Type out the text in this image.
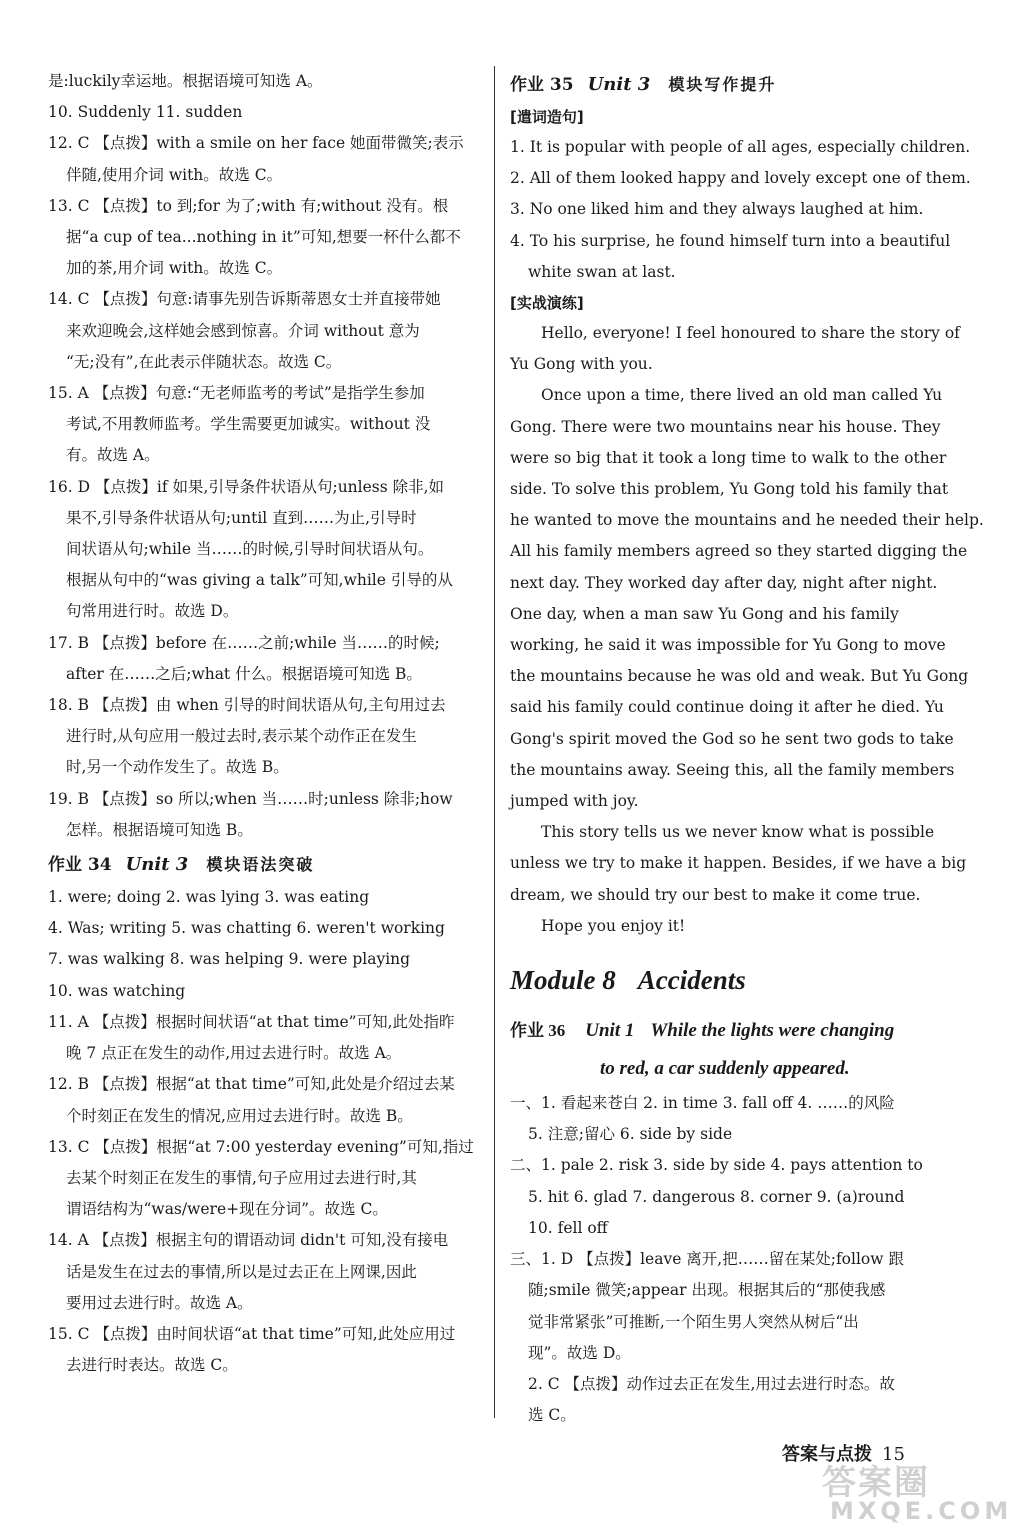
是:luckily幸运地。根据语境可知选 A。
10. Suddenly 11. sudden
12. C 【点拨】with a smile on her face 她面带微笑;表示
伴随,使用介词 with。故选 C。
13. C 【点拨】to 到;for 为了;with 有;without 没有。根
据“a cup of tea...nothing in it”可知,想要一杯什么都不
加的茶,用介词 with。故选 C。
14. C 【点拨】句意:请事先别告诉斯蒂恩女士并直接带她
来欢迎晚会,这样她会感到惊喜。介词 without 意为
“无;没有”,在此表示伴随状态。故选 C。
15. A 【点拨】句意:“无老师监考的考试”是指学生参加
考试,不用教师监考。学生需要更加诚实。without 没
有。故选 A。
16. D 【点拨】if 如果,引导条件状语从句;unless 除非,如
果不,引导条件状语从句;until 直到……为止,引导时
间状语从句;while 当……的时候,引导时间状语从句。
根据从句中的“was giving a talk”可知,while 引导的从
句常用进行时。故选 D。
17. B 【点拨】before 在……之前;while 当……的时候;
after 在……之后;what 什么。根据语境可知选 B。
18. B 【点拨】由 when 引导的时间状语从句,主句用过去
进行时,从句应用一般过去时,表示某个动作正在发生
时,另一个动作发生了。故选 B。
19. B 【点拨】so 所以;when 当……时;unless 除非;how
怎样。根据语境可知选 B。
作业 34 Unit 3 模块语法突破
1. were; doing 2. was lying 3. was eating
4. Was; writing 5. was chatting 6. weren't working
7. was walking 8. was helping 9. were playing
10. was watching
11. A 【点拨】根据时间状语“at that time”可知,此处指昨
晚 7 点正在发生的动作,用过去进行时。故选 A。
12. B 【点拨】根据“at that time”可知,此处是介绍过去某
个时刻正在发生的情况,应用过去进行时。故选 B。
13. C 【点拨】根据“at 7:00 yesterday evening”可知,指过
去某个时刻正在发生的事情,句子应用过去进行时,其
谓语结构为“was/were+现在分词”。故选 C。
14. A 【点拨】根据主句的谓语动词 didn't 可知,没有接电
话是发生在过去的事情,所以是过去正在上网课,因此
要用过去进行时。故选 A。
15. C 【点拨】由时间状语“at that time”可知,此处应用过
去进行时表达。故选 C。
作业 35 Unit 3 模块写作提升
[遣词造句]
1. It is popular with people of all ages, especially children.
2. All of them looked happy and lovely except one of them.
3. No one liked him and they always laughed at him.
4. To his surprise, he found himself turn into a beautiful
white swan at last.
[实战演练]
Hello, everyone! I feel honoured to share the story of
Yu Gong with you.
Once upon a time, there lived an old man called Yu
Gong. There were two mountains near his house. They
were so big that it took a long time to walk to the other
side. To solve this problem, Yu Gong told his family that
he wanted to move the mountains and he needed their help.
All his family members agreed so they started digging the
next day. They worked day after day, night after night.
One day, when a man saw Yu Gong and his family
working, he said it was impossible for Yu Gong to move
the mountains because he was old and weak. But Yu Gong
said his family could continue doing it after he died. Yu
Gong's spirit moved the God so he sent two gods to take
the mountains away. Seeing this, all the family members
jumped with joy.
This story tells us we never know what is possible
unless we try to make it happen. Besides, if we have a big
dream, we should try our best to make it come true.
Hope you enjoy it!
Module 8 Accidents
作业 36 Unit 1 While the lights were changing
to red, a car suddenly appeared.
一、1. 看起来苍白 2. in time 3. fall off 4. ……的风险
5. 注意;留心 6. side by side
二、1. pale 2. risk 3. side by side 4. pays attention to
5. hit 6. glad 7. dangerous 8. corner 9. (a)round
10. fell off
三、1. D 【点拨】leave 离开,把……留在某处;follow 跟
随;smile 微笑;appear 出现。根据其后的“那使我感
觉非常紧张”可推断,一个陌生男人突然从树后“出
现”。故选 D。
2. C 【点拨】动作过去正在发生,用过去进行时态。故
选 C。
答案与点拨 15
答案圈
MXQE.COM
